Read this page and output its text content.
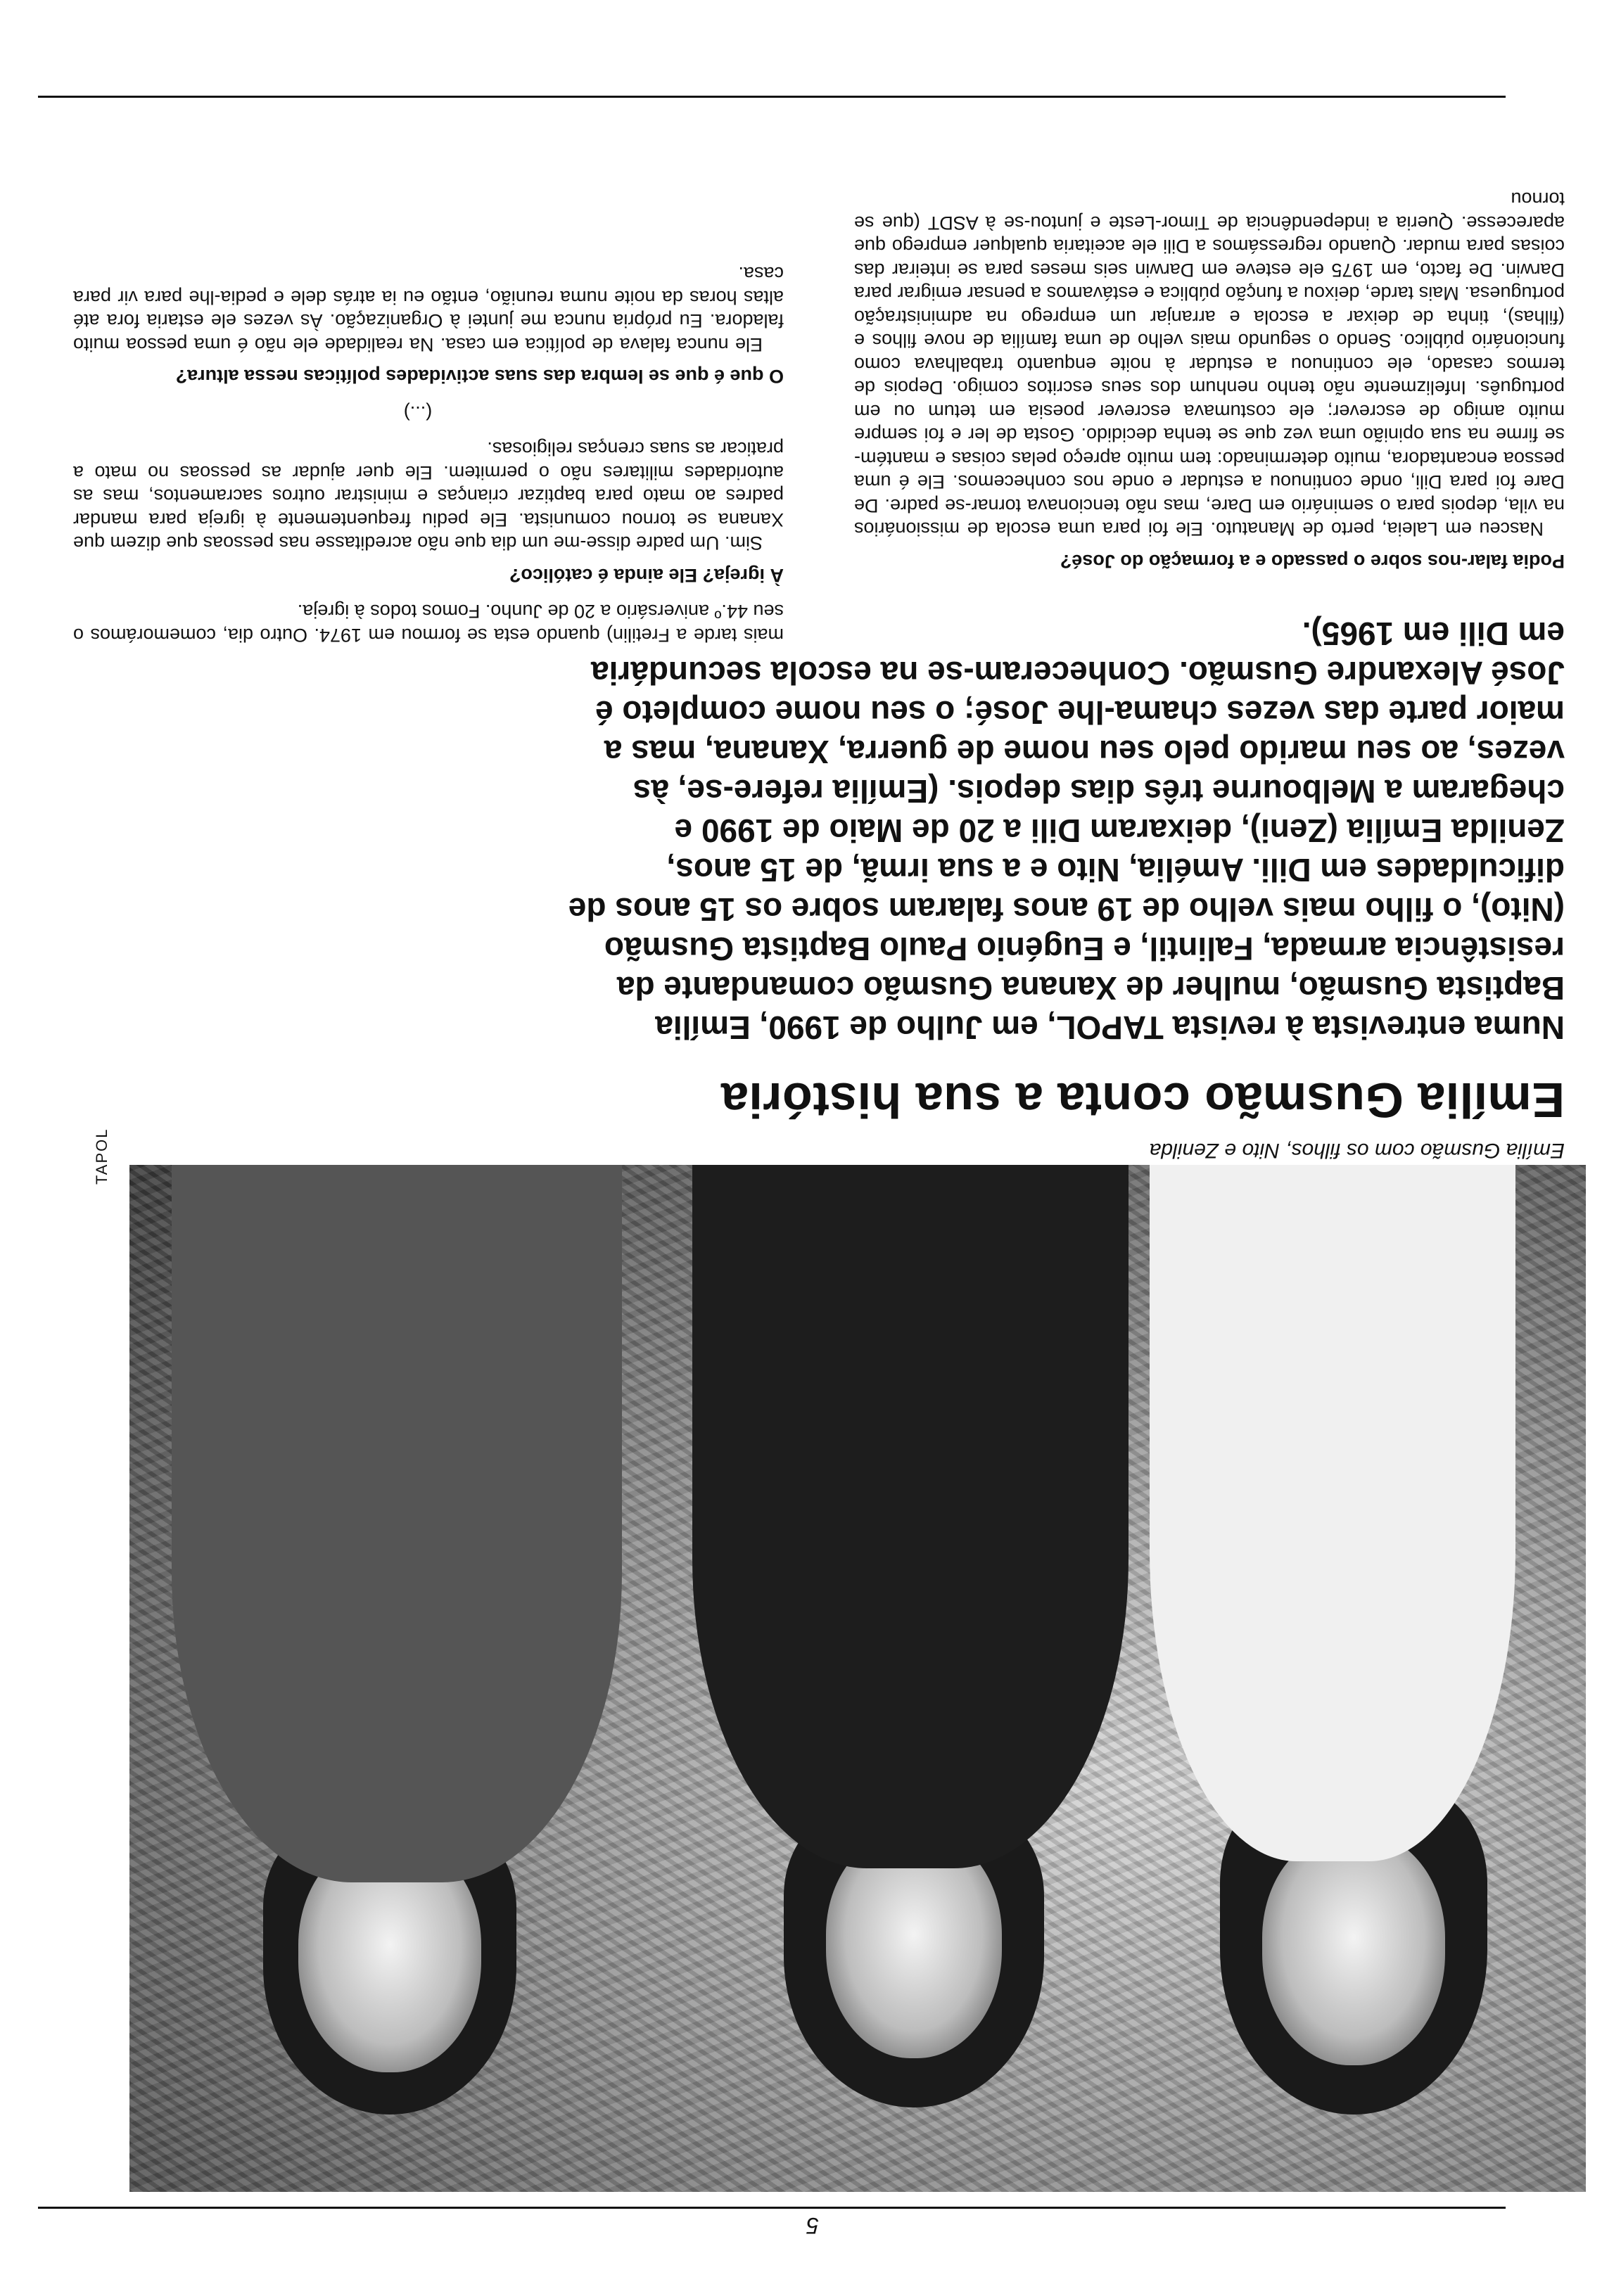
TAPOL	Emília Gusmão com os filhos, Nito e Zenilda
Emília Gusmão conta a sua história
Numa entrevista à revista TAPOL, em Julho de 1990, Emília Baptista Gusmão, mulher de Xanana Gusmão comandante da resistência armada, Falintil, e Eugénio Paulo Baptista Gusmão (Nito), o filho mais velho de 19 anos falaram sobre os 15 anos de dificuldades em Dili. Amélia, Nito e a sua irmã, de 15 anos, Zenilda Emília (Zeni), deixaram Dili a 20 de Maio de 1990 e chegaram a Melbourne três dias depois. (Emília refere-se, às vezes, ao seu marido pelo seu nome de guerra, Xanana, mas a maior parte das vezes chama-lhe José; o seu nome completo é José Alexandre Gusmão. Conheceram-se na escola secundária em Dili em 1965).

Podia falar-nos sobre o passado e a formação do José?

Nasceu em Laleia, perto de Manatuto. Ele foi para uma escola de missionários na vila, depois para o seminário em Dare, mas não tencionava tornar-se padre. De Dare foi para Dili, onde continuou a estudar e onde nos conhecemos. Ele é uma pessoa encantadora, muito determinado: tem muito apreço pelas coisas e mantém-se firme na sua opinião uma vez que se tenha decidido. Gosta de ler e foi sempre muito amigo de escrever; ele costumava escrever poesia em tetum ou em português. Infelizmente não tenho nenhum dos seus escritos comigo. Depois de termos casado, ele continuou a estudar à noite enquanto trabalhava como funcionário público. Sendo o segundo mais velho de uma família de nove filhos e (filhas), tinha de deixar a escola e arranjar um emprego na administração portuguesa. Mais tarde, deixou a função pública e estávamos a pensar emigrar para Darwin. De facto, em 1975 ele esteve em Darwin seis meses para se inteirar das coisas para mudar. Quando regressámos a Dili ele aceitaria qualquer emprego que aparecesse. Queria a independência de Timor-Leste e juntou-se à ASDT (que se tornou

mais tarde a Fretilin) quando esta se formou em 1974. Outro dia, comemorámos o seu 44.º aniversário a 20 de Junho. Fomos todos à igreja.

À igreja? Ele ainda é católico?

Sim. Um padre disse-me um dia que não acreditasse nas pessoas que dizem que Xanana se tornou comunista. Ele pediu frequentemente à igreja para mandar padres ao mato para baptizar crianças e ministrar outros sacramentos, mas as autoridades militares não o permitem. Ele quer ajudar as pessoas no mato a praticar as suas crenças religiosas.

(...)

O que é que se lembra das suas actividades políticas nessa altura?

Ele nunca falava de política em casa. Na realidade ele não é uma pessoa muito faladora. Eu própria nunca me juntei à Organização. Às vezes ele estaria fora até altas horas da noite numa reunião, então eu ia atrás dele e pedia-lhe para vir para casa.

5
